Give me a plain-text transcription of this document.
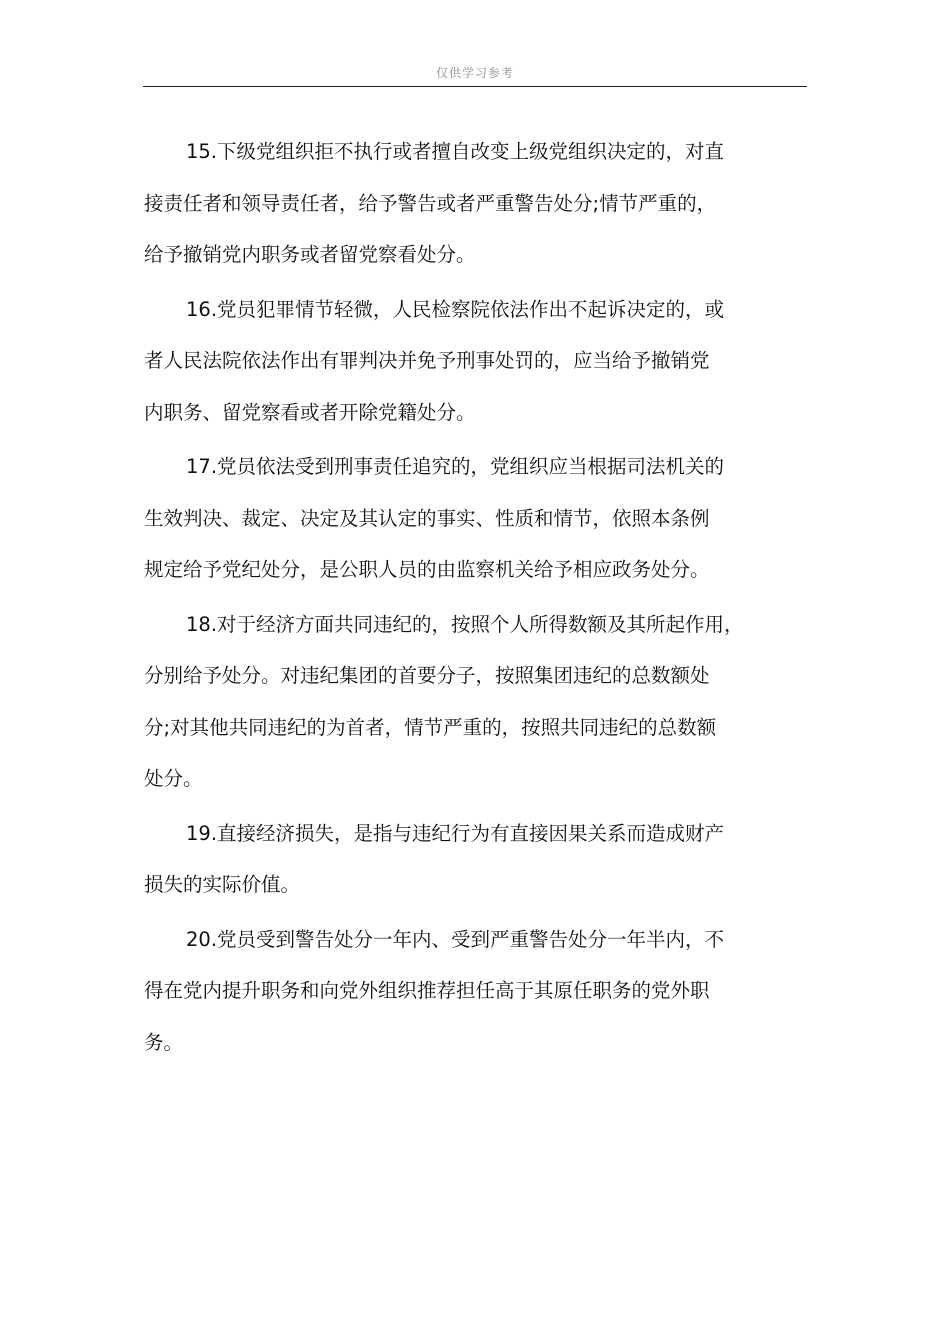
仅供学习参考
15.下级党组织拒不执行或者擅自改变上级党组织决定的，对直
接责任者和领导责任者，给予警告或者严重警告处分;情节严重的，
给予撤销党内职务或者留党察看处分。
16.党员犯罪情节轻微，人民检察院依法作出不起诉决定的，或
者人民法院依法作出有罪判决并免予刑事处罚的，应当给予撤销党
内职务、留党察看或者开除党籍处分。
17.党员依法受到刑事责任追究的，党组织应当根据司法机关的
生效判决、裁定、决定及其认定的事实、性质和情节，依照本条例
规定给予党纪处分，是公职人员的由监察机关给予相应政务处分。
18.对于经济方面共同违纪的，按照个人所得数额及其所起作用，
分别给予处分。对违纪集团的首要分子，按照集团违纪的总数额处
分;对其他共同违纪的为首者，情节严重的，按照共同违纪的总数额
处分。
19.直接经济损失，是指与违纪行为有直接因果关系而造成财产
损失的实际价值。
20.党员受到警告处分一年内、受到严重警告处分一年半内，不
得在党内提升职务和向党外组织推荐担任高于其原任职务的党外职
务。
